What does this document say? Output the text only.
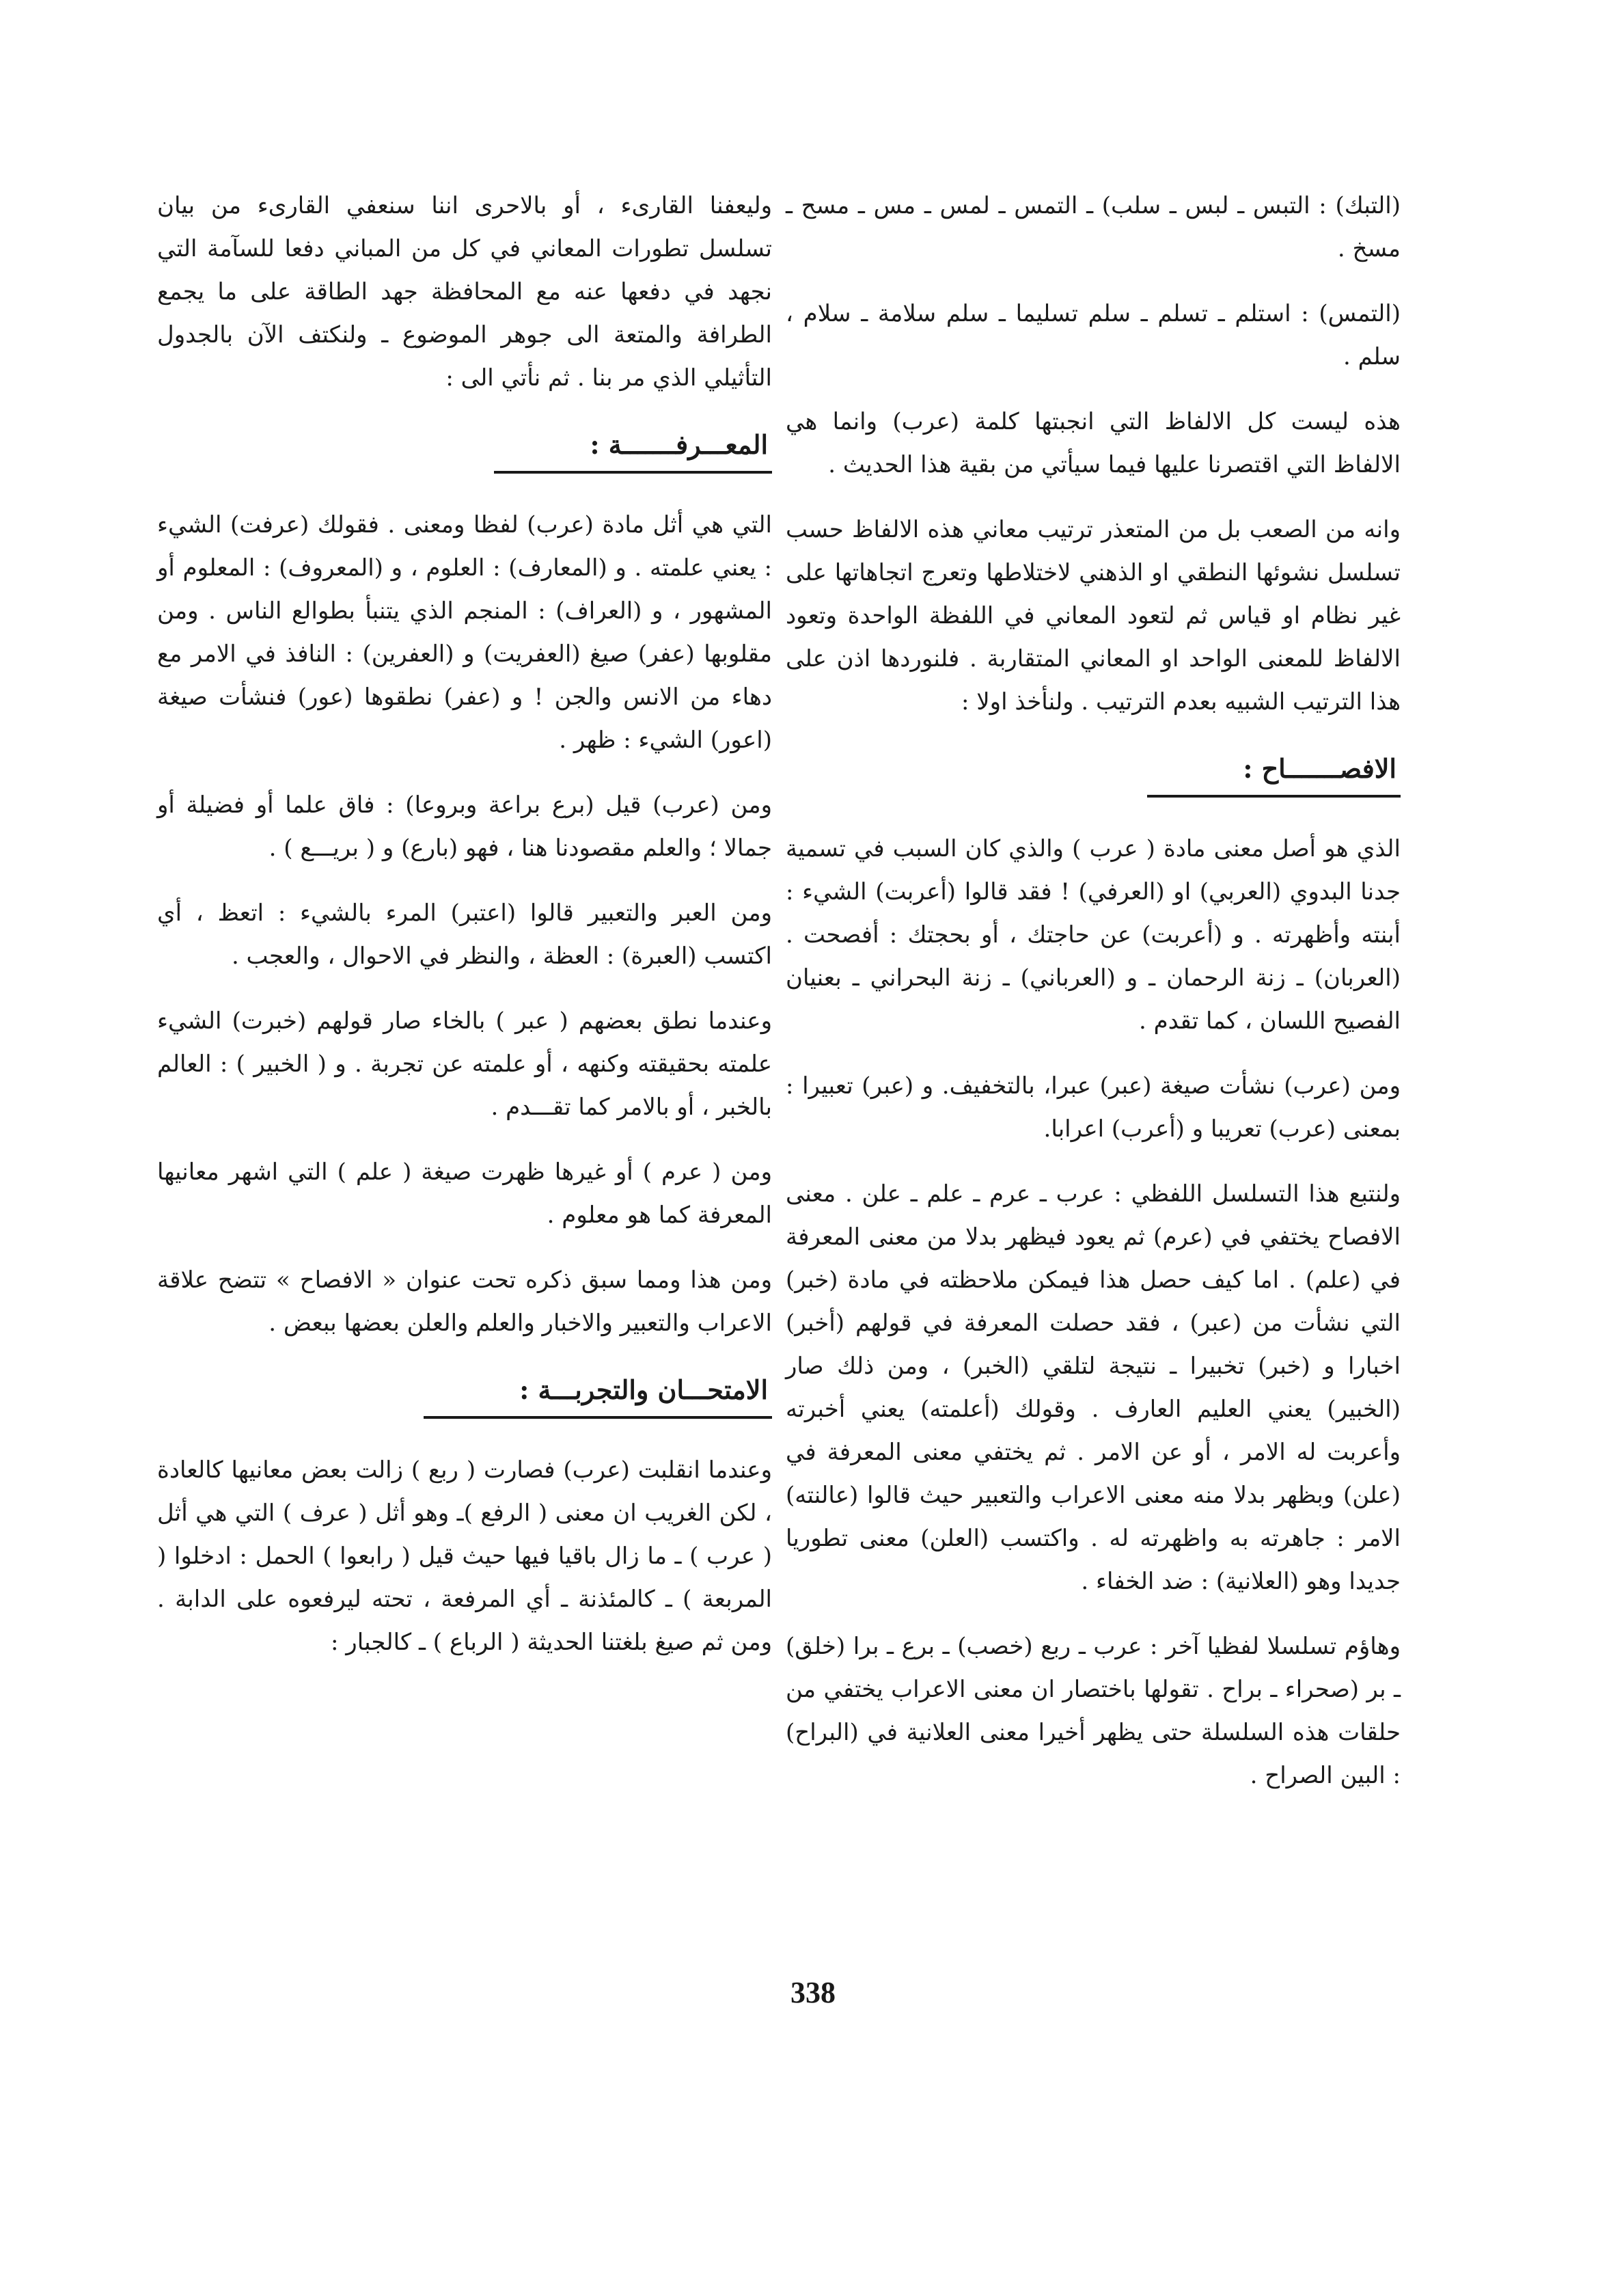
(التبك) : التبس ـ لبس ـ سلب) ـ التمس ـ لمس ـ مس ـ مسح ـ مسخ .

(التمس) : استلم ـ تسلم ـ سلم تسليما ـ سلم سلامة ـ سلام ، سلم .

هذه ليست كل الالفاظ التي انجبتها كلمة (عرب) وانما هي الالفاظ التي اقتصرنا عليها فيما سيأتي من بقية هذا الحديث .

وانه من الصعب بل من المتعذر ترتيب معاني هذه الالفاظ حسب تسلسل نشوئها النطقي او الذهني لاختلاطها وتعرج اتجاهاتها على غير نظام او قياس ثم لتعود المعاني في اللفظة الواحدة وتعود الالفاظ للمعنى الواحد او المعاني المتقاربة . فلنوردها اذن على هذا الترتيب الشبيه بعدم الترتيب . ولنأخذ اولا :

الافصـــــــاح :

الذي هو أصل معنى مادة ( عرب ) والذي كان السبب في تسمية جدنا البدوي (العربي) او (العرفي) ! فقد قالوا (أعربت) الشيء : أبنته وأظهرته . و (أعربت) عن حاجتك ، أو بحجتك : أفصحت . (العربان) ـ زنة الرحمان ـ و (العرباني) ـ زنة البحراني ـ بعنيان الفصيح اللسان ، كما تقدم .

ومن (عرب) نشأت صيغة (عبر) عبرا، بالتخفيف. و (عبر) تعبيرا : بمعنى (عرب) تعريبا و (أعرب) اعرابا.

ولنتبع هذا التسلسل اللفظي : عرب ـ عرم ـ علم ـ علن . معنى الافصاح يختفي في (عرم) ثم يعود فيظهر بدلا من معنى المعرفة في (علم) . اما كيف حصل هذا فيمكن ملاحظته في مادة (خبر) التي نشأت من (عبر) ، فقد حصلت المعرفة في قولهم (أخبر) اخبارا و (خبر) تخبيرا ـ نتيجة لتلقي (الخبر) ، ومن ذلك صار (الخبير) يعني العليم العارف . وقولك (أعلمته) يعني أخبرته وأعربت له الامر ، أو عن الامر . ثم يختفي معنى المعرفة في (علن) وبظهر بدلا منه معنى الاعراب والتعبير حيث قالوا (عالنته) الامر : جاهرته به واظهرته له . واكتسب (العلن) معنى تطوريا جديدا وهو (العلانية) : ضد الخفاء .

وهاؤم تسلسلا لفظيا آخر : عرب ـ ربع (خصب) ـ برع ـ برا (خلق) ـ بر (صحراء ـ براح . تقولها باختصار ان معنى الاعراب يختفي من حلقات هذه السلسلة حتى يظهر أخيرا معنى العلانية في (البراح) : البين الصراح .

وليعفنا القارىء ، أو بالاحرى اننا سنعفي القارىء من بيان تسلسل تطورات المعاني في كل من المباني دفعا للسآمة التي نجهد في دفعها عنه مع المحافظة جهد الطاقة على ما يجمع الطرافة والمتعة الى جوهر الموضوع ـ ولنكتف الآن بالجدول التأثيلي الذي مر بنا . ثم نأتي الى :

المعـــرفـــــــة :

التي هي أثل مادة (عرب) لفظا ومعنى . فقولك (عرفت) الشيء : يعني علمته . و (المعارف) : العلوم ، و (المعروف) : المعلوم أو المشهور ، و (العراف) : المنجم الذي يتنبأ بطوالع الناس . ومن مقلوبها (عفر) صيغ (العفريت) و (العفرين) : النافذ في الامر مع دهاء من الانس والجن ! و (عفر) نطقوها (عور) فنشأت صيغة (اعور) الشيء : ظهر .

ومن (عرب) قيل (برع براعة وبروعا) : فاق علما أو فضيلة أو جمالا ؛ والعلم مقصودنا هنا ، فهو (بارع) و ( بريـــع ) .

ومن العبر والتعبير قالوا (اعتبر) المرء بالشيء : اتعظ ، أي اكتسب (العبرة) : العظة ، والنظر في الاحوال ، والعجب .

وعندما نطق بعضهم ( عبر ) بالخاء صار قولهم (خبرت) الشيء علمته بحقيقته وكنهه ، أو علمته عن تجربة . و ( الخبير ) : العالم بالخبر ، أو بالامر كما تقـــدم .

ومن ( عرم ) أو غيرها ظهرت صيغة ( علم ) التي اشهر معانيها المعرفة كما هو معلوم .

ومن هذا ومما سبق ذكره تحت عنوان « الافصاح » تتضح علاقة الاعراب والتعبير والاخبار والعلم والعلن بعضها ببعض .

الامتحـــان والتجربـــة :

وعندما انقلبت (عرب) فصارت ( ربع ) زالت بعض معانيها كالعادة ، لكن الغريب ان معنى ( الرفع )ـ وهو أثل ( عرف ) التي هي أثل ( عرب ) ـ ما زال باقيا فيها حيث قيل ( رابعوا ) الحمل : ادخلوا ( المربعة ) ـ كالمئذنة ـ أي المرفعة ، تحته ليرفعوه على الدابة . ومن ثم صيغ بلغتنا الحديثة ( الرباع ) ـ كالجبار :

338
